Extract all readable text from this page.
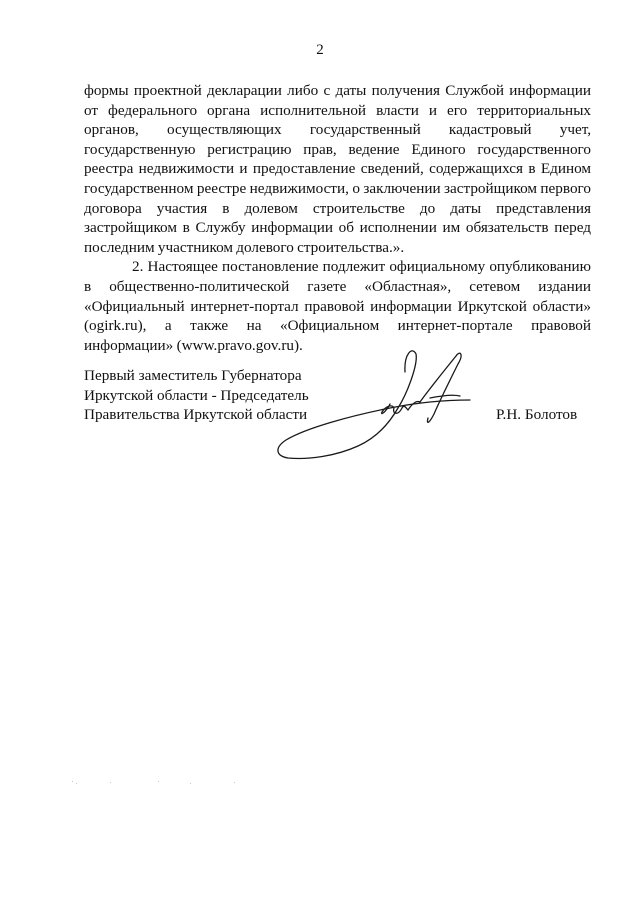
2

формы проектной декларации либо с даты получения Службой информации от федерального органа исполнительной власти и его территориальных органов, осуществляющих государственный кадастровый учет, государственную регистрацию прав, ведение Единого государственного реестра недвижимости и предоставление сведений, содержащихся в Едином государственном реестре недвижимости, о заключении застройщиком первого договора участия в долевом строительстве до даты представления застройщиком в Службу информации об исполнении им обязательств перед последним участником долевого строительства.».

2. Настоящее постановление подлежит официальному опубликованию в общественно-политической газете «Областная», сетевом издании «Официальный интернет-портал правовой информации Иркутской области» (ogirk.ru), а также на «Официальном интернет-портале правовой информации» (www.pravo.gov.ru).

Первый заместитель Губернатора
Иркутской области - Председатель
Правительства Иркутской области	Р.Н. Болотов
